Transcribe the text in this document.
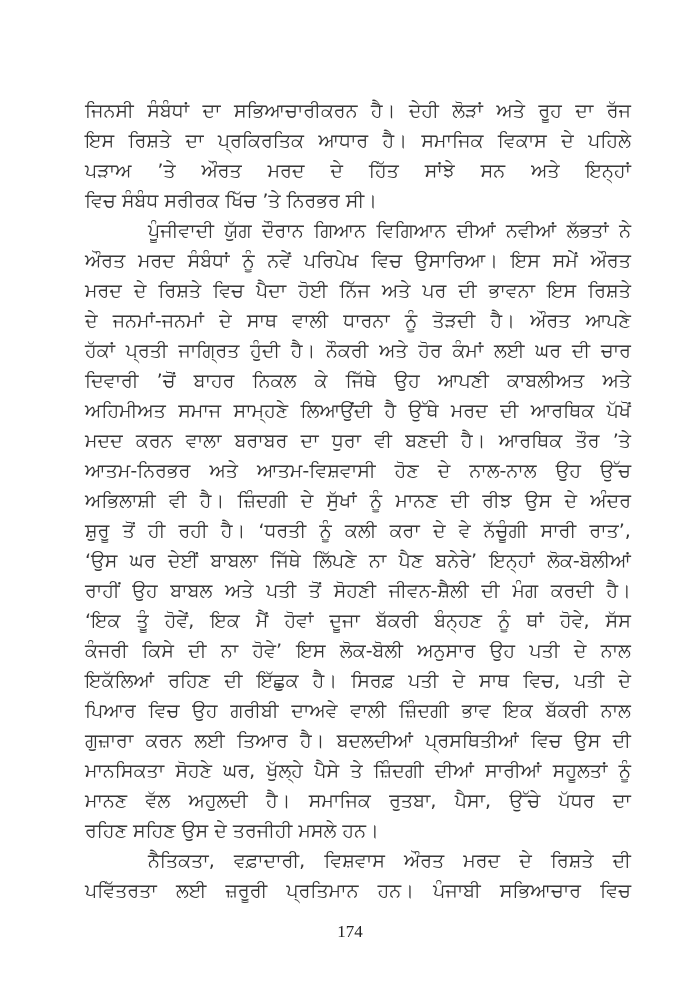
ਜਿਨਸੀ ਸੰਬੰਧਾਂ ਦਾ ਸਭਿਆਚਾਰੀਕਰਨ ਹੈ। ਦੇਹੀ ਲੋੜਾਂ ਅਤੇ ਰੂਹ ਦਾ ਰੱਜ
ਇਸ ਰਿਸ਼ਤੇ ਦਾ ਪ੍ਰਕਿਰਤਿਕ ਆਧਾਰ ਹੈ। ਸਮਾਜਿਕ ਵਿਕਾਸ ਦੇ ਪਹਿਲੇ
ਪੜਾਅ ’ਤੇ ਔਰਤ ਮਰਦ ਦੇ ਹਿੱਤ ਸਾਂਝੇ ਸਨ ਅਤੇ ਇਨ੍ਹਾਂ
ਵਿਚ ਸੰਬੰਧ ਸਰੀਰਕ ਖਿੱਚ ’ਤੇ ਨਿਰਭਰ ਸੀ।
ਪੂੰਜੀਵਾਦੀ ਯੁੱਗ ਦੌਰਾਨ ਗਿਆਨ ਵਿਗਿਆਨ ਦੀਆਂ ਨਵੀਆਂ ਲੱਭਤਾਂ ਨੇ
ਔਰਤ ਮਰਦ ਸੰਬੰਧਾਂ ਨੂੰ ਨਵੇਂ ਪਰਿਪੇਖ ਵਿਚ ਉਸਾਰਿਆ। ਇਸ ਸਮੇਂ ਔਰਤ
ਮਰਦ ਦੇ ਰਿਸ਼ਤੇ ਵਿਚ ਪੈਦਾ ਹੋਈ ਨਿੱਜ ਅਤੇ ਪਰ ਦੀ ਭਾਵਨਾ ਇਸ ਰਿਸ਼ਤੇ
ਦੇ ਜਨਮਾਂ-ਜਨਮਾਂ ਦੇ ਸਾਥ ਵਾਲੀ ਧਾਰਨਾ ਨੂੰ ਤੋੜਦੀ ਹੈ। ਔਰਤ ਆਪਣੇ
ਹੱਕਾਂ ਪ੍ਰਤੀ ਜਾਗ੍ਰਿਤ ਹੁੰਦੀ ਹੈ। ਨੌਕਰੀ ਅਤੇ ਹੋਰ ਕੰਮਾਂ ਲਈ ਘਰ ਦੀ ਚਾਰ
ਦਿਵਾਰੀ ’ਚੋਂ ਬਾਹਰ ਨਿਕਲ ਕੇ ਜਿੱਥੇ ਉਹ ਆਪਣੀ ਕਾਬਲੀਅਤ ਅਤੇ
ਅਹਿਮੀਅਤ ਸਮਾਜ ਸਾਮ੍ਹਣੇ ਲਿਆਉਂਦੀ ਹੈ ਉੱਥੇ ਮਰਦ ਦੀ ਆਰਥਿਕ ਪੱਖੋਂ
ਮਦਦ ਕਰਨ ਵਾਲਾ ਬਰਾਬਰ ਦਾ ਧੁਰਾ ਵੀ ਬਣਦੀ ਹੈ। ਆਰਥਿਕ ਤੌਰ ’ਤੇ
ਆਤਮ-ਨਿਰਭਰ ਅਤੇ ਆਤਮ-ਵਿਸ਼ਵਾਸੀ ਹੋਣ ਦੇ ਨਾਲ-ਨਾਲ ਉਹ ਉੱਚ
ਅਭਿਲਾਸ਼ੀ ਵੀ ਹੈ। ਜ਼ਿੰਦਗੀ ਦੇ ਸੁੱਖਾਂ ਨੂੰ ਮਾਨਣ ਦੀ ਰੀਝ ਉਸ ਦੇ ਅੰਦਰ
ਸ਼ੁਰੂ ਤੋਂ ਹੀ ਰਹੀ ਹੈ। ‘ਧਰਤੀ ਨੂੰ ਕਲੀ ਕਰਾ ਦੇ ਵੇ ਨੱਚੂੰਗੀ ਸਾਰੀ ਰਾਤ’,
‘ਉਸ ਘਰ ਦੇਈਂ ਬਾਬਲਾ ਜਿੱਥੇ ਲਿੱਪਣੇ ਨਾ ਪੈਣ ਬਨੇਰੇ’ ਇਨ੍ਹਾਂ ਲੋਕ-ਬੋਲੀਆਂ
ਰਾਹੀਂ ਉਹ ਬਾਬਲ ਅਤੇ ਪਤੀ ਤੋਂ ਸੋਹਣੀ ਜੀਵਨ-ਸ਼ੈਲੀ ਦੀ ਮੰਗ ਕਰਦੀ ਹੈ।
‘ਇਕ ਤੂੰ ਹੋਵੇਂ, ਇਕ ਮੈਂ ਹੋਵਾਂ ਦੂਜਾ ਬੱਕਰੀ ਬੰਨ੍ਹਣ ਨੂੰ ਥਾਂ ਹੋਵੇ, ਸੱਸ
ਕੰਜਰੀ ਕਿਸੇ ਦੀ ਨਾ ਹੋਵੇ’ ਇਸ ਲੋਕ-ਬੋਲੀ ਅਨੁਸਾਰ ਉਹ ਪਤੀ ਦੇ ਨਾਲ
ਇਕੱਲਿਆਂ ਰਹਿਣ ਦੀ ਇੱਛੁਕ ਹੈ। ਸਿਰਫ਼ ਪਤੀ ਦੇ ਸਾਥ ਵਿਚ, ਪਤੀ ਦੇ
ਪਿਆਰ ਵਿਚ ਉਹ ਗਰੀਬੀ ਦਾਅਵੇ ਵਾਲੀ ਜ਼ਿੰਦਗੀ ਭਾਵ ਇਕ ਬੱਕਰੀ ਨਾਲ
ਗੁਜ਼ਾਰਾ ਕਰਨ ਲਈ ਤਿਆਰ ਹੈ। ਬਦਲਦੀਆਂ ਪ੍ਰਸਥਿਤੀਆਂ ਵਿਚ ਉਸ ਦੀ
ਮਾਨਸਿਕਤਾ ਸੋਹਣੇ ਘਰ, ਖੁੱਲ੍ਹੇ ਪੈਸੇ ਤੇ ਜ਼ਿੰਦਗੀ ਦੀਆਂ ਸਾਰੀਆਂ ਸਹੂਲਤਾਂ ਨੂੰ
ਮਾਨਣ ਵੱਲ ਅਹੁਲਦੀ ਹੈ। ਸਮਾਜਿਕ ਰੁਤਬਾ, ਪੈਸਾ, ਉੱਚੇ ਪੱਧਰ ਦਾ
ਰਹਿਣ ਸਹਿਣ ਉਸ ਦੇ ਤਰਜੀਹੀ ਮਸਲੇ ਹਨ।
ਨੈਤਿਕਤਾ, ਵਫ਼ਾਦਾਰੀ, ਵਿਸ਼ਵਾਸ ਔਰਤ ਮਰਦ ਦੇ ਰਿਸ਼ਤੇ ਦੀ
ਪਵਿੱਤਰਤਾ ਲਈ ਜ਼ਰੂਰੀ ਪ੍ਰਤਿਮਾਨ ਹਨ। ਪੰਜਾਬੀ ਸਭਿਆਚਾਰ ਵਿਚ
174
